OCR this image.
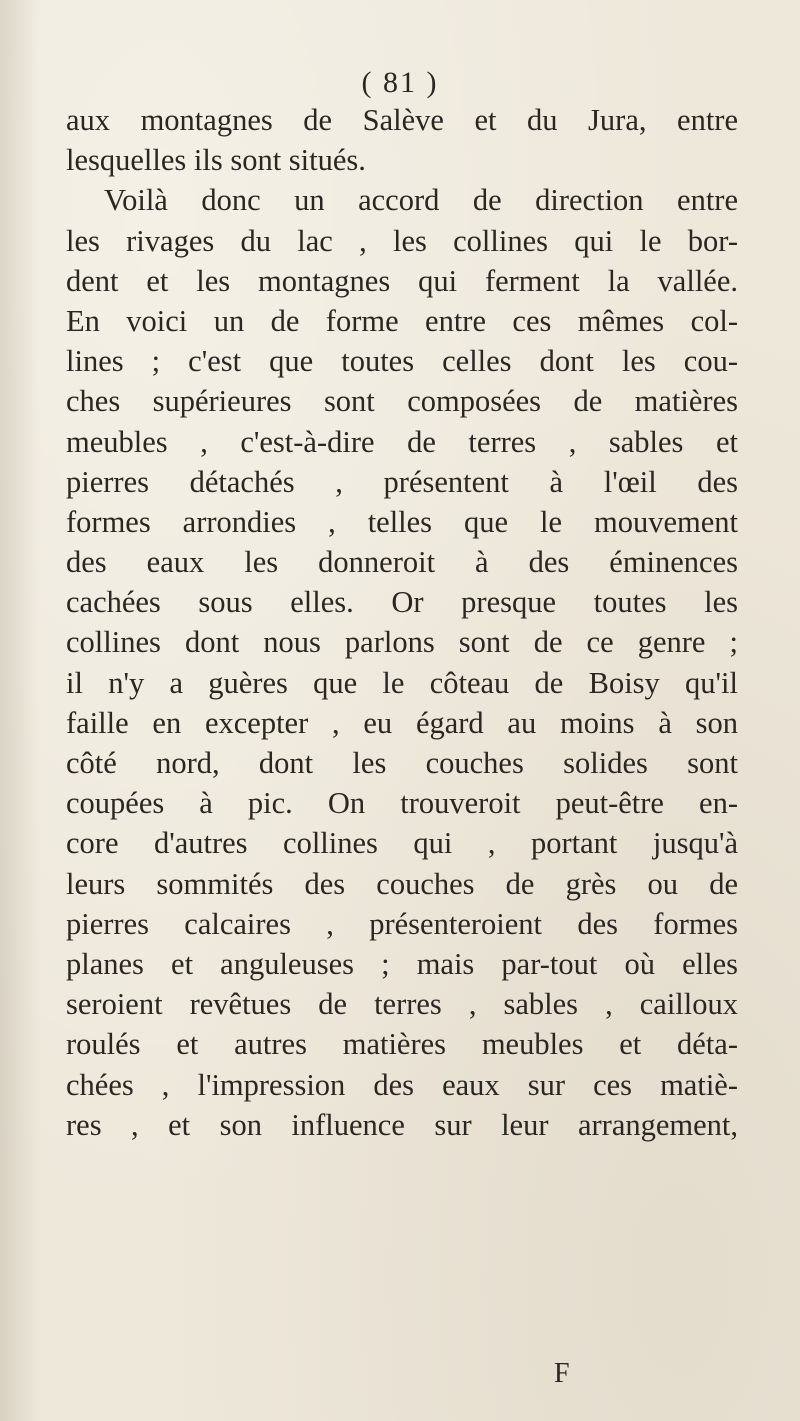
( 81 )
aux montagnes de Salève et du Jura, entre
lesquelles ils sont situés.
Voilà donc un accord de direction entre
les rivages du lac , les collines qui le bor-
dent et les montagnes qui ferment la vallée.
En voici un de forme entre ces mêmes col-
lines ; c'est que toutes celles dont les cou-
ches supérieures sont composées de matières
meubles , c'est-à-dire de terres , sables et
pierres détachés , présentent à l'œil des
formes arrondies , telles que le mouvement
des eaux les donneroit à des éminences
cachées sous elles. Or presque toutes les
collines dont nous parlons sont de ce genre ;
il n'y a guères que le côteau de Boisy qu'il
faille en excepter , eu égard au moins à son
côté nord, dont les couches solides sont
coupées à pic. On trouveroit peut-être en-
core d'autres collines qui , portant jusqu'à
leurs sommités des couches de grès ou de
pierres calcaires , présenteroient des formes
planes et anguleuses ; mais par-tout où elles
seroient revêtues de terres , sables , cailloux
roulés et autres matières meubles et déta-
chées , l'impression des eaux sur ces matiè-
res , et son influence sur leur arrangement,
F
